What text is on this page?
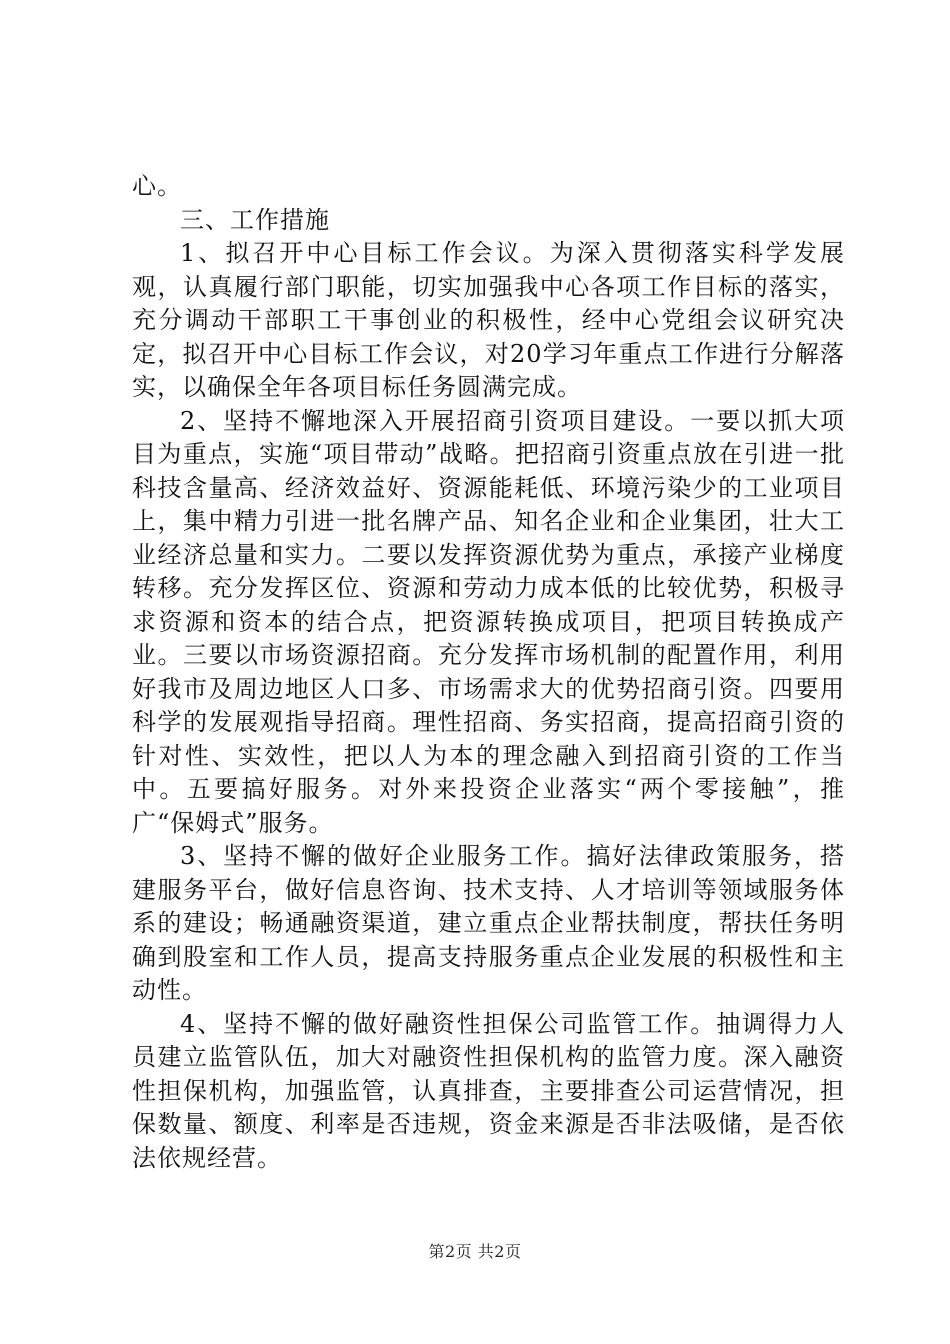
心。

三、工作措施

1、拟召开中心目标工作会议。为深入贯彻落实科学发展观，认真履行部门职能，切实加强我中心各项工作目标的落实，充分调动干部职工干事创业的积极性，经中心党组会议研究决定，拟召开中心目标工作会议，对20学习年重点工作进行分解落实，以确保全年各项目标任务圆满完成。

2、坚持不懈地深入开展招商引资项目建设。一要以抓大项目为重点，实施“项目带动”战略。把招商引资重点放在引进一批科技含量高、经济效益好、资源能耗低、环境污染少的工业项目上，集中精力引进一批名牌产品、知名企业和企业集团，壮大工业经济总量和实力。二要以发挥资源优势为重点，承接产业梯度转移。充分发挥区位、资源和劳动力成本低的比较优势，积极寻求资源和资本的结合点，把资源转换成项目，把项目转换成产业。三要以市场资源招商。充分发挥市场机制的配置作用，利用好我市及周边地区人口多、市场需求大的优势招商引资。四要用科学的发展观指导招商。理性招商、务实招商，提高招商引资的针对性、实效性，把以人为本的理念融入到招商引资的工作当中。五要搞好服务。对外来投资企业落实“两个零接触”，推广“保姆式”服务。

3、坚持不懈的做好企业服务工作。搞好法律政策服务，搭建服务平台，做好信息咨询、技术支持、人才培训等领域服务体系的建设；畅通融资渠道，建立重点企业帮扶制度，帮扶任务明确到股室和工作人员，提高支持服务重点企业发展的积极性和主动性。

4、坚持不懈的做好融资性担保公司监管工作。抽调得力人员建立监管队伍，加大对融资性担保机构的监管力度。深入融资性担保机构，加强监管，认真排查，主要排查公司运营情况，担保数量、额度、利率是否违规，资金来源是否非法吸储，是否依法依规经营。

第2页 共2页
